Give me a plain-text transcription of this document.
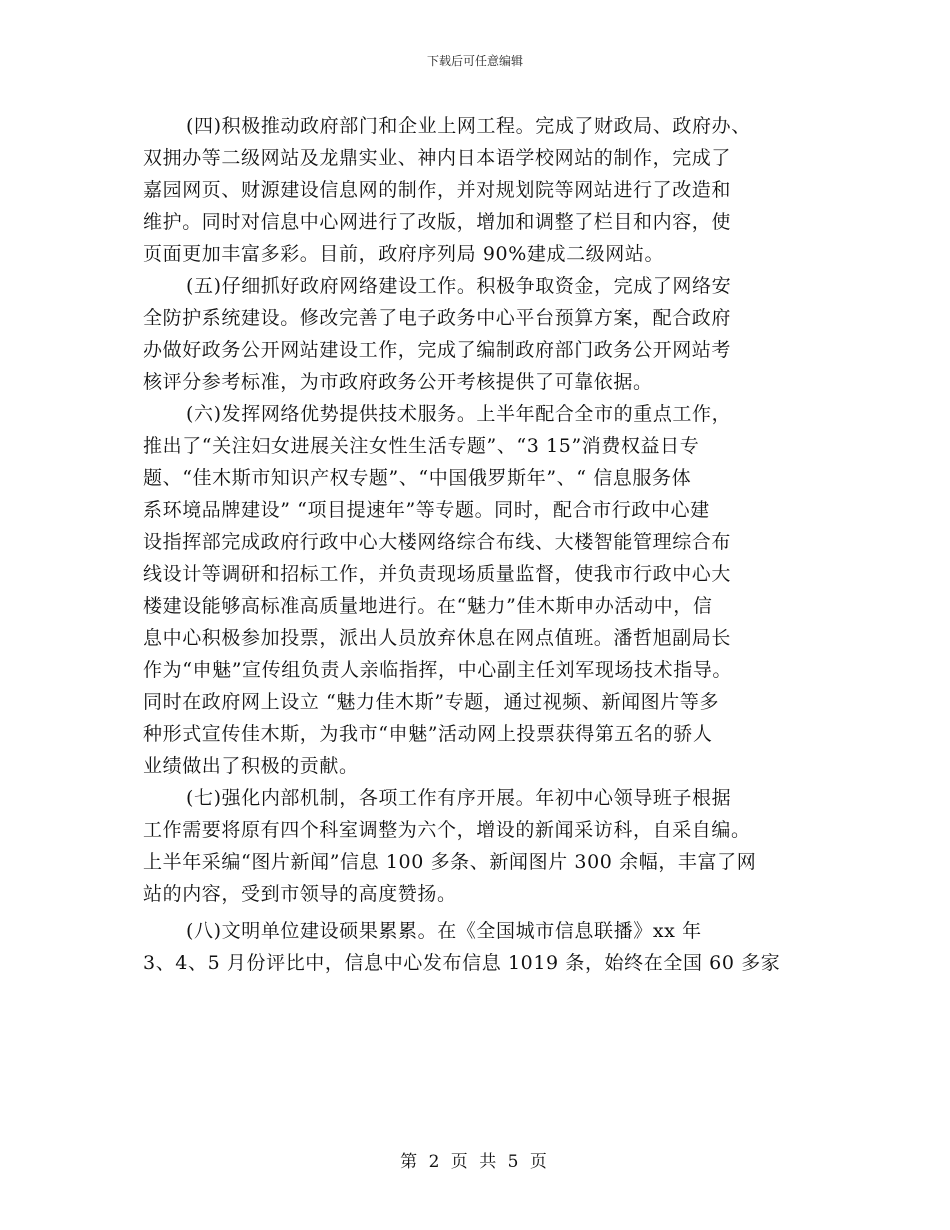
下载后可任意编辑
(四)积极推动政府部门和企业上网工程。完成了财政局、政府办、
双拥办等二级网站及龙鼎实业、神内日本语学校网站的制作，完成了
嘉园网页、财源建设信息网的制作，并对规划院等网站进行了改造和
维护。同时对信息中心网进行了改版，增加和调整了栏目和内容，使
页面更加丰富多彩。目前，政府序列局 90%建成二级网站。
(五)仔细抓好政府网络建设工作。积极争取资金，完成了网络安
全防护系统建设。修改完善了电子政务中心平台预算方案，配合政府
办做好政务公开网站建设工作，完成了编制政府部门政务公开网站考
核评分参考标准，为市政府政务公开考核提供了可靠依据。
(六)发挥网络优势提供技术服务。上半年配合全市的重点工作，
推出了“关注妇女进展关注女性生活专题”、“3 15”消费权益日专
题、“佳木斯市知识产权专题”、“中国俄罗斯年”、“ 信息服务体
系环境品牌建设” “项目提速年”等专题。同时，配合市行政中心建
设指挥部完成政府行政中心大楼网络综合布线、大楼智能管理综合布
线设计等调研和招标工作，并负责现场质量监督，使我市行政中心大
楼建设能够高标准高质量地进行。在“魅力”佳木斯申办活动中，信
息中心积极参加投票，派出人员放弃休息在网点值班。潘哲旭副局长
作为“申魅”宣传组负责人亲临指挥，中心副主任刘军现场技术指导。
同时在政府网上设立 “魅力佳木斯”专题，通过视频、新闻图片等多
种形式宣传佳木斯，为我市“申魅”活动网上投票获得第五名的骄人
业绩做出了积极的贡献。
(七)强化内部机制，各项工作有序开展。年初中心领导班子根据
工作需要将原有四个科室调整为六个，增设的新闻采访科，自采自编。
上半年采编“图片新闻”信息 100 多条、新闻图片 300 余幅，丰富了网
站的内容，受到市领导的高度赞扬。
(八)文明单位建设硕果累累。在《全国城市信息联播》xx 年
3、4、5 月份评比中，信息中心发布信息 1019 条，始终在全国 60 多家
第 2 页 共 5 页
